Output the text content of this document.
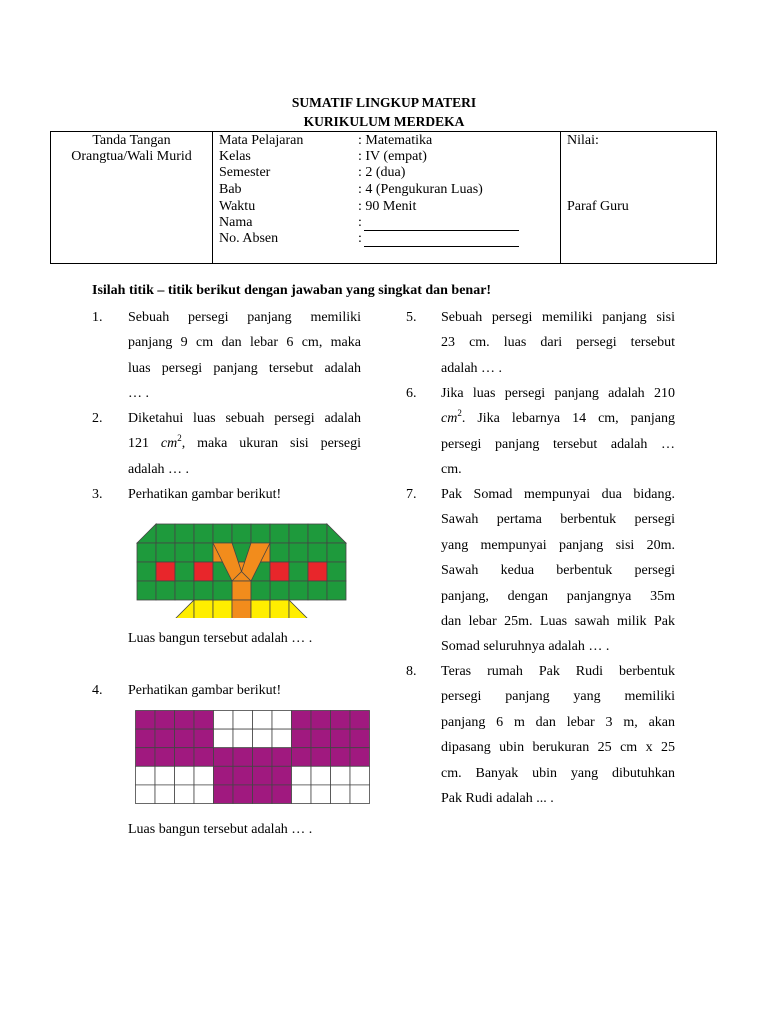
SUMATIF LINGKUP MATERI
KURIKULUM MERDEKA
Tanda Tangan
Orangtua/Wali Murid
Mata Pelajaran	: Matematika
Kelas	: IV (empat)
Semester	: 2 (dua)
Bab	: 4 (Pengukuran Luas)
Waktu	: 90 Menit
Nama	:
No. Absen	:
Nilai:
Paraf Guru
Isilah titik – titik berikut dengan jawaban yang singkat dan benar!
1. Sebuah persegi panjang memiliki
panjang 9 cm dan lebar 6 cm, maka
luas persegi panjang tersebut adalah
… .
2. Diketahui luas sebuah persegi adalah
121 $cm^2$, maka ukuran sisi persegi
adalah … .
3. Perhatikan gambar berikut!
Luas bangun tersebut adalah … .
4. Perhatikan gambar berikut!
Luas bangun tersebut adalah … .
5. Sebuah persegi memiliki panjang sisi
23 cm. luas dari persegi tersebut
adalah … .
6. Jika luas persegi panjang adalah 210
$cm^2$. Jika lebarnya 14 cm, panjang
persegi panjang tersebut adalah …
cm.
7. Pak Somad mempunyai dua bidang.
Sawah pertama berbentuk persegi
yang mempunyai panjang sisi 20m.
Sawah kedua berbentuk persegi
panjang, dengan panjangnya 35m
dan lebar 25m. Luas sawah milik Pak
Somad seluruhnya adalah … .
8. Teras rumah Pak Rudi berbentuk
persegi panjang yang memiliki
panjang 6 m dan lebar 3 m, akan
dipasang ubin berukuran 25 cm x 25
cm. Banyak ubin yang dibutuhkan
Pak Rudi adalah ... .
